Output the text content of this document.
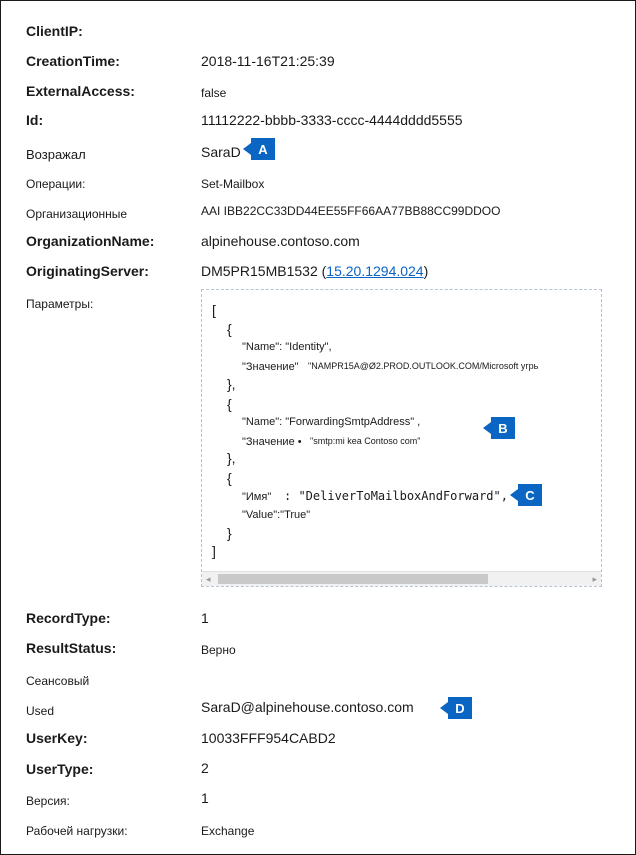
ClientIP:
CreationTime:	2018-11-16T21:25:39
ExternalAccess:	false
Id:	11112222-bbbb-3333-cccc-4444dddd5555
Возражал	SaraD	A
Операции:	Set-Mailbox
Организационные	AAI IBB22CC33DD44EE55FF66AA77BB88CC99DDOO
OrganizationName:	alpinehouse.contoso.com
OriginatingServer:	DM5PR15MB1532 (15.20.1294.024)
Параметры:	[
{
"Name": "Identity",
"Значение" "NAMPR15A@Ø2.PROD.OUTLOOK.COM/Microsoft угрь
},
{
"Name": "ForwardingSmtpAddress" ,
"Значение • "smtp:mi kea Contoso com"
},
{
"Имя" : "DeliverToMailboxAndForward",
"Value":"True"
}
]
◂	▸
B
C
RecordType:	1
ResultStatus:	Верно
Сеансовый
Used	SaraD@alpinehouse.contoso.com	D
UserKey:	10033FFF954CABD2
UserType:	2
Версия:	1
Рабочей нагрузки:	Exchange
